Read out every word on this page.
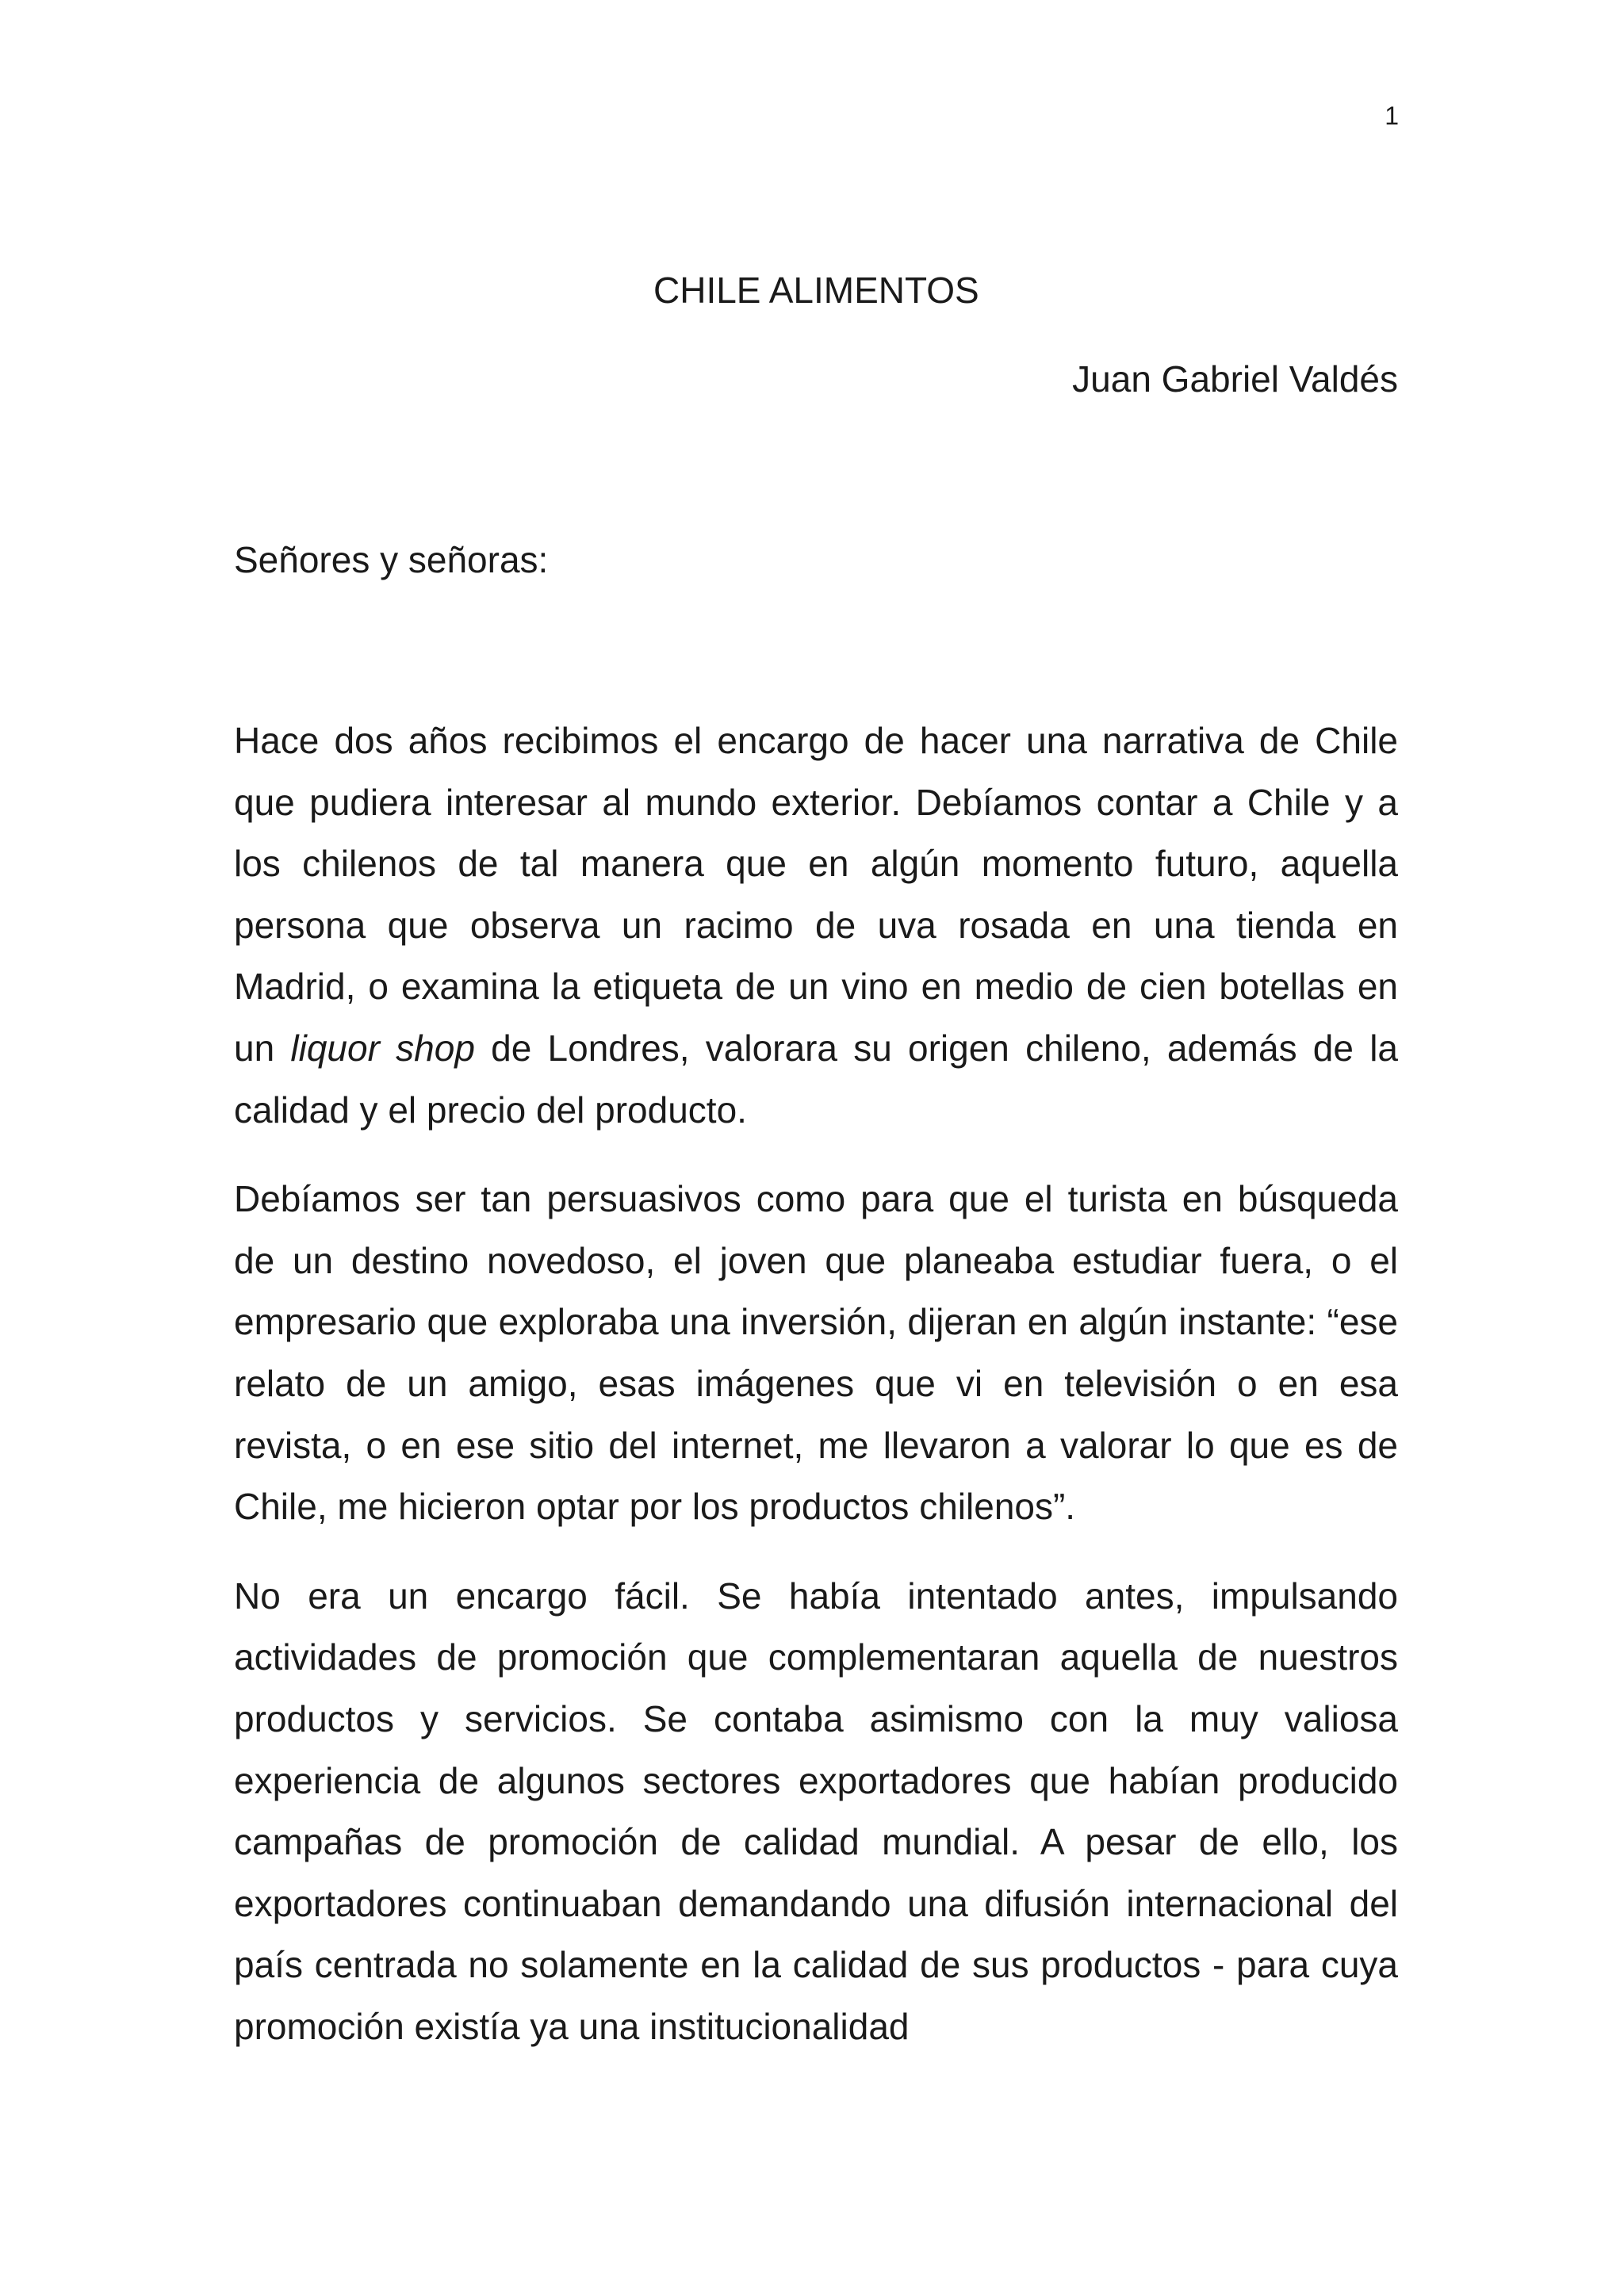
1
CHILE ALIMENTOS
Juan Gabriel Valdés
Señores y señoras:

Hace dos años recibimos el encargo de hacer una narrativa de Chile que pudiera interesar al mundo exterior. Debíamos contar a Chile y a los chilenos de tal manera que en algún momento futuro, aquella persona que observa un racimo de uva rosada en una tienda en Madrid, o examina la etiqueta de un vino en medio de cien botellas en un liquor shop de Londres, valorara su origen chileno, además de la calidad y el precio del producto.

Debíamos ser tan persuasivos como para que el turista en búsqueda de un destino novedoso, el joven que planeaba estudiar fuera, o el empresario que exploraba una inversión, dijeran en algún instante: “ese relato de un amigo, esas imágenes que vi en televisión o en esa revista, o en ese sitio del internet, me llevaron a valorar lo que es de Chile, me hicieron optar por los productos chilenos”.

No era un encargo fácil. Se había intentado antes, impulsando actividades de promoción que complementaran aquella de nuestros productos y servicios. Se contaba asimismo con la muy valiosa experiencia de algunos sectores exportadores que habían producido campañas de promoción de calidad mundial. A pesar de ello, los exportadores continuaban demandando una difusión internacional del país centrada no solamente en la calidad de sus productos - para cuya promoción existía ya una institucionalidad
